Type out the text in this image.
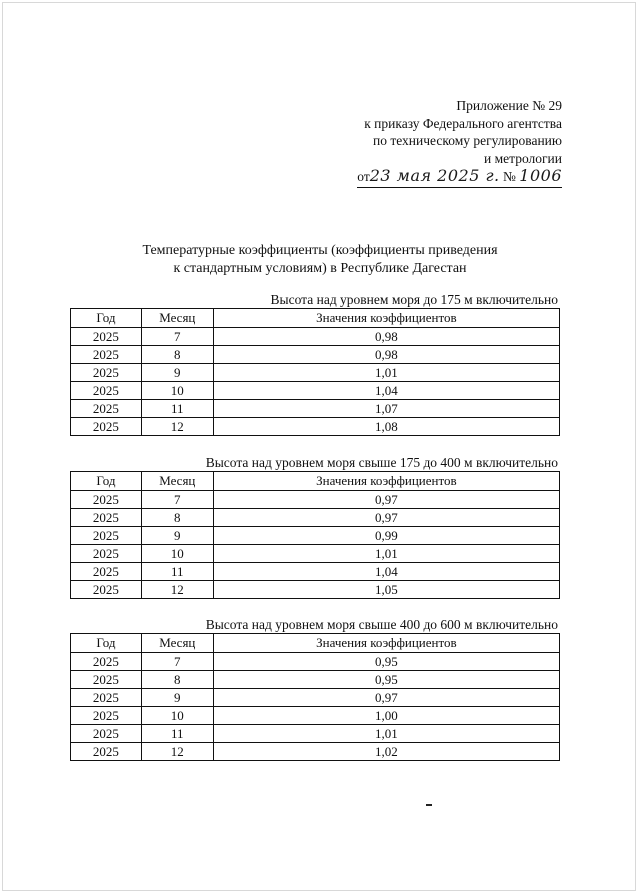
Приложение № 29
к приказу Федерального агентства
по техническому регулированию
и метрологии
от23 мая 2025 г. № 1006
Температурные коэффициенты (коэффициенты приведения
к стандартным условиям) в Республике Дагестан
Высота над уровнем моря до 175 м включительно
Год	Месяц	Значения коэффициентов
2025	7	0,98
2025	8	0,98
2025	9	1,01
2025	10	1,04
2025	11	1,07
2025	12	1,08
Высота над уровнем моря свыше 175 до 400 м включительно
Год	Месяц	Значения коэффициентов
2025	7	0,97
2025	8	0,97
2025	9	0,99
2025	10	1,01
2025	11	1,04
2025	12	1,05
Высота над уровнем моря свыше 400 до 600 м включительно
Год	Месяц	Значения коэффициентов
2025	7	0,95
2025	8	0,95
2025	9	0,97
2025	10	1,00
2025	11	1,01
2025	12	1,02
